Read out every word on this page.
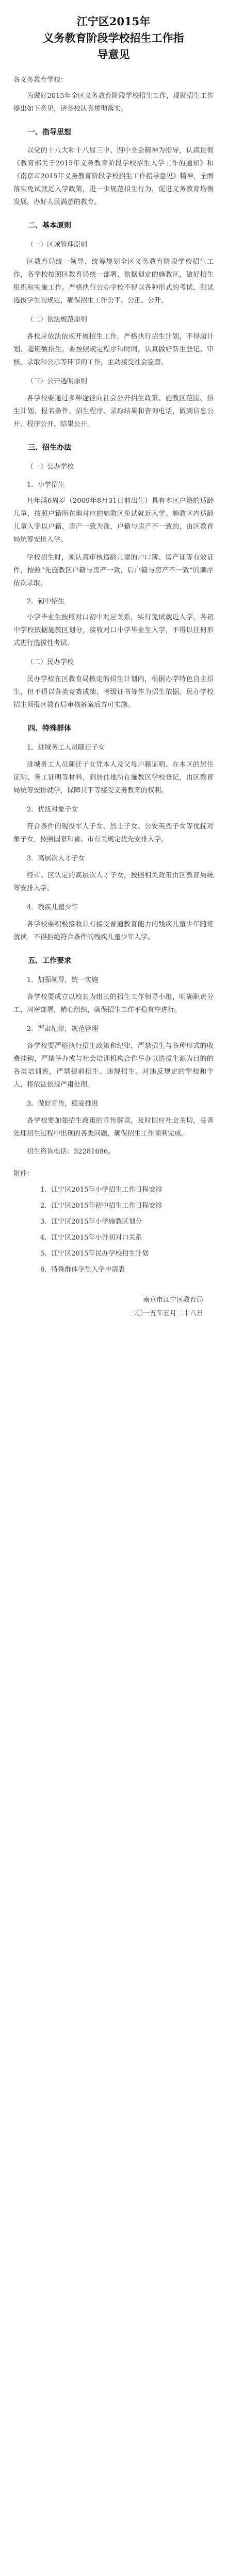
江宁区2015年
义务教育阶段学校招生工作指
导意见
各义务教育学校：

为做好2015年全区义务教育阶段学校招生工作，现就招生工作提出如下意见，请各校认真贯彻落实。

一、指导思想

以党的十八大和十八届三中、四中全会精神为指导，认真贯彻《教育部关于2015年义务教育阶段学校招生入学工作的通知》和《南京市2015年义务教育阶段学校招生工作指导意见》精神，全面落实免试就近入学政策，进一步规范招生行为，促进义务教育均衡发展，办好人民满意的教育。

二、基本原则
（一）区域管理原则

区教育局统一领导、统筹规划全区义务教育阶段学校招生工作，各学校按照区教育局统一部署，依据划定的施教区，做好招生组织和实施工作。严格执行公办学校不得以各种形式的考试、测试选拔学生的规定，确保招生工作公平、公正、公开。

（二）依法规范原则

各校应依法依规开展招生工作，严格执行招生计划，不得超计划、超班额招生。要按照规定程序和时间，认真做好新生登记、审核、录取和公示等环节的工作，主动接受社会监督。

（三）公开透明原则

各学校要通过多种途径向社会公开招生政策、施教区范围、招生计划、报名条件、招生程序、录取结果和咨询电话，做到信息公开、程序公开、结果公开。

三、招生办法
（一）公办学校
1．小学招生

凡年满6周岁（2009年8月31日前出生）具有本区户籍的适龄儿童，按照户籍所在地对应的施教区免试就近入学。施教区内适龄儿童入学以户籍、房产一致为准，户籍与房产不一致的，由区教育局统筹安排入学。

学校招生时，须认真审核适龄儿童的户口簿、房产证等有效证件，按照“先施教区户籍与房产一致，后户籍与房产不一致”的顺序依次录取。

2．初中招生

小学毕业生按照对口初中对应关系，实行免试就近入学。各初中学校依据施教区划分，接收对口小学毕业生入学，不得以任何形式进行选拔性考试。

（二）民办学校

民办学校在区教育局核定的招生计划内，根据办学特色自主招生，但不得以各类竞赛成绩、考级证书等作为招生依据。民办学校招生须报区教育局审核备案后方可实施。

四、特殊群体
1．进城务工人员随迁子女

进城务工人员随迁子女凭本人及父母户籍证明、在本区的居住证明、务工证明等材料，到居住地所在施教区学校登记，由区教育局统筹安排就学，保障其平等接受义务教育的权利。

2．优抚对象子女

符合条件的现役军人子女、烈士子女、公安英烈子女等优抚对象子女，按照国家和省、市有关规定优先安排入学。

3．高层次人才子女

经市、区认定的高层次人才子女，按照相关政策由区教育局统筹安排入学。

4．残疾儿童少年

各学校要积极接收具有接受普通教育能力的残疾儿童少年随班就读，不得拒绝符合条件的残疾儿童少年入学。

五、工作要求
1．加强领导，统一实施

各学校要成立以校长为组长的招生工作领导小组，明确职责分工，周密部署，精心组织，确保招生工作平稳有序进行。

2．严肃纪律，规范管理

各学校要严格执行招生政策和纪律，严禁招生与各种形式的收费挂钩，严禁举办或与社会培训机构合作举办以选拔生源为目的的各类培训班，严禁提前招生、违规招生。对违反规定的学校和个人，将依法依规严肃处理。

3．做好宣传，稳妥推进

各学校要加强招生政策的宣传解读，及时回应社会关切，妥善处理招生过程中出现的各类问题，确保招生工作顺利完成。

招生咨询电话：52281696。

附件：
1．江宁区2015年小学招生工作日程安排
2．江宁区2015年初中招生工作日程安排
3．江宁区2015年小学施教区划分
4．江宁区2015年小升初对口关系
5．江宁区2015年民办学校招生计划
6．特殊群体学生入学申请表
南京市江宁区教育局
二〇一五年五月二十八日
